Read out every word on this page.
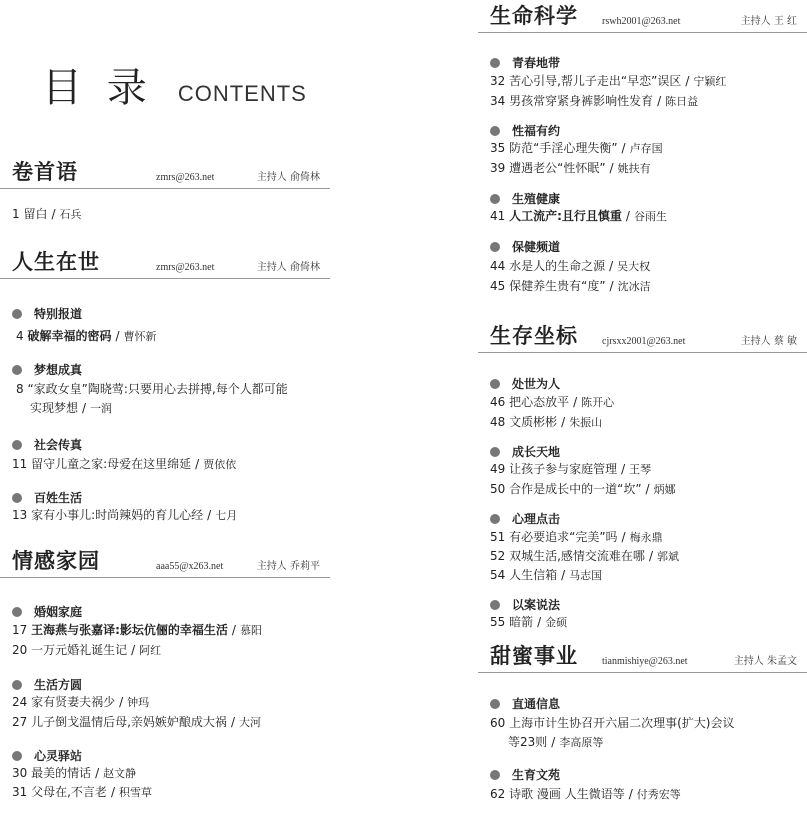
目 录 CONTENTS
卷首语	zmrs@263.net	主持人 俞倚林
1 留白 / 石兵
人生在世	zmrs@263.net	主持人 俞倚林
特别报道
4 破解幸福的密码 / 曹怀新
梦想成真
8 “家政女皇”陶晓莺:只要用心去拼搏,每个人都可能
实现梦想 / 一润
社会传真
11 留守儿童之家:母爱在这里绵延 / 贾依依
百姓生活
13 家有小事儿:时尚辣妈的育儿心经 / 七月
情感家园	aaa55@x263.net	主持人 乔莉平
婚姻家庭
17 王海燕与张嘉译:影坛伉俪的幸福生活 / 慕阳
20 一万元婚礼诞生记 / 阿红
生活方圆
24 家有贤妻夫祸少 / 钟玛
27 儿子倒戈温情后母,亲妈嫉妒酿成大祸 / 大河
心灵驿站
30 最美的情话 / 赵文静
31 父母在,不言老 / 积雪草
生命科学 rswh2001@263.net	主持人 王 红
青春地带
32 苦心引导,帮儿子走出“早恋”误区 / 宁颖红
34 男孩常穿紧身裤影响性发育 / 陈日益
性福有约
35 防范“手淫心理失衡” / 卢存国
39 遭遇老公“性怀眠” / 姚扶有
生殖健康
41 人工流产:且行且慎重 / 谷雨生
保健频道
44 水是人的生命之源 / 吴大权
45 保健养生贵有“度” / 沈冰洁
生存坐标 cjrsxx2001@263.net	主持人 蔡 敏
处世为人
46 把心态放平 / 陈开心
48 文质彬彬 / 朱振山
成长天地
49 让孩子参与家庭管理 / 王琴
50 合作是成长中的一道“坎” / 炳娜
心理点击
51 有必要追求“完美”吗 / 梅永鼎
52 双城生活,感情交流难在哪 / 郭斌
54 人生信箱 / 马志国
以案说法
55 暗箭 / 金硕
甜蜜事业 tianmishiye@263.net	主持人 朱孟文
直通信息
60 上海市计生协召开六届二次理事(扩大)会议
等23则 / 李高原等
生育文苑
62 诗歌 漫画 人生微语等 / 付秀宏等
